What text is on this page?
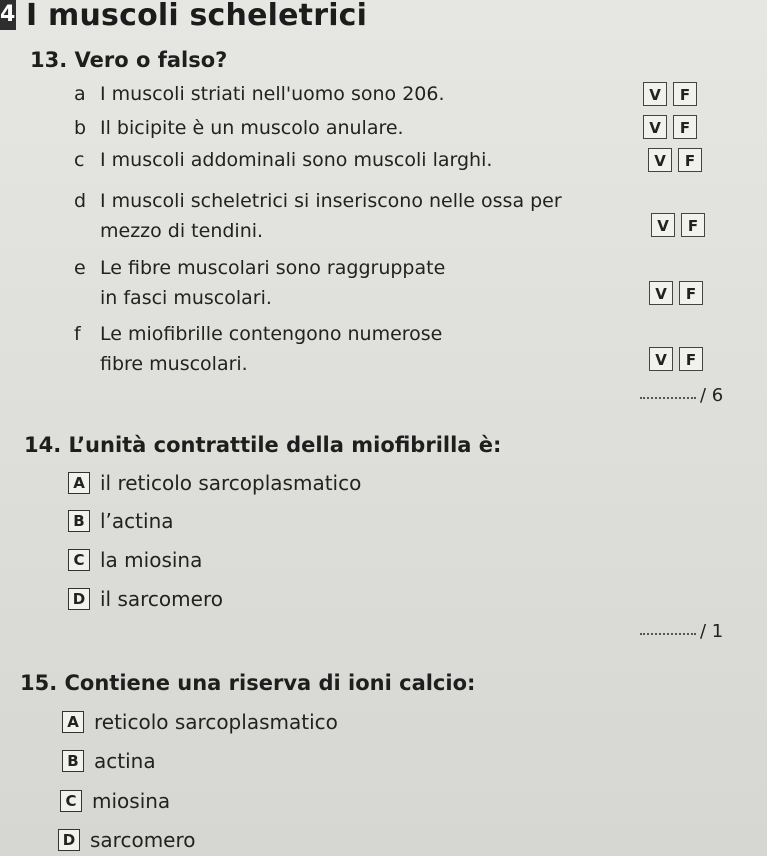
4 I muscoli scheletrici
13. Vero o falso?
a I muscoli striati nell'uomo sono 206.	V	F
b Il bicipite è un muscolo anulare.	V	F
c I muscoli addominali sono muscoli larghi.	V	F
d I muscoli scheletrici si inseriscono nelle ossa per
mezzo di tendini.	V	F
e Le fibre muscolari sono raggruppate
in fasci muscolari.	V	F
f Le miofibrille contengono numerose
fibre muscolari.	V	F
/ 6
14. L’unità contrattile della miofibrilla è:
A il reticolo sarcoplasmatico
B l’actina
C la miosina
D il sarcomero
/ 1
15. Contiene una riserva di ioni calcio:
A reticolo sarcoplasmatico
B actina
C miosina
D sarcomero
